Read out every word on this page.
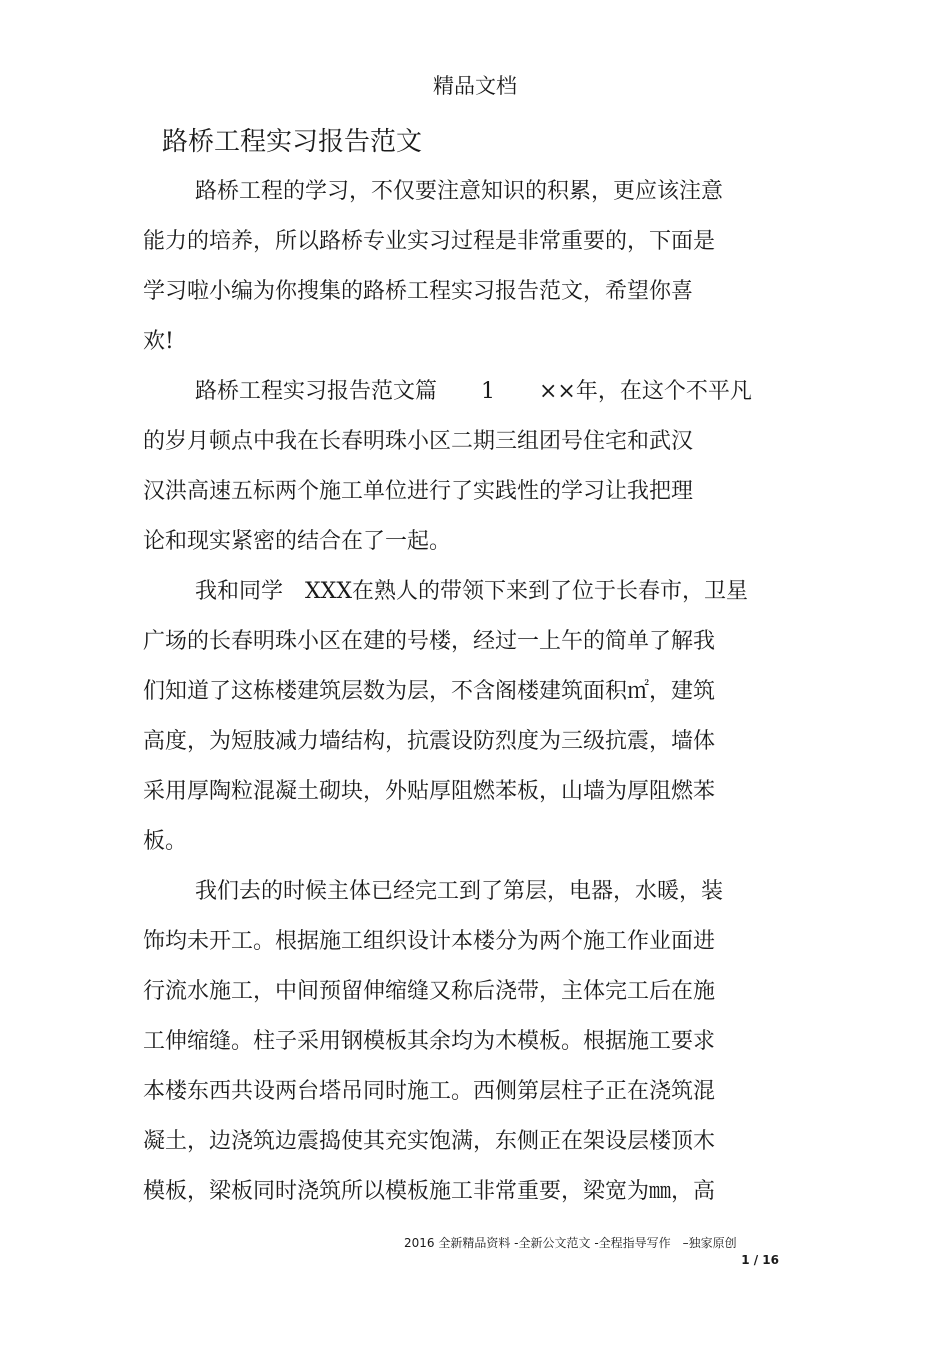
精品文档
路桥工程实习报告范文
路桥工程的学习，不仅要注意知识的积累，更应该注意
能力的培养，所以路桥专业实习过程是非常重要的，下面是
学习啦小编为你搜集的路桥工程实习报告范文，希望你喜
欢!
路桥工程实习报告范文篇　　1　　××年，在这个不平凡
的岁月顿点中我在长春明珠小区二期三组团号住宅和武汉
汉洪高速五标两个施工单位进行了实践性的学习让我把理
论和现实紧密的结合在了一起。
我和同学　XXX在熟人的带领下来到了位于长春市，卫星
广场的长春明珠小区在建的号楼，经过一上午的简单了解我
们知道了这栋楼建筑层数为层，不含阁楼建筑面积㎡，建筑
高度，为短肢减力墙结构，抗震设防烈度为三级抗震，墙体
采用厚陶粒混凝土砌块，外贴厚阻燃苯板，山墙为厚阻燃苯
板。
我们去的时候主体已经完工到了第层，电器，水暖，装
饰均未开工。根据施工组织设计本楼分为两个施工作业面进
行流水施工，中间预留伸缩缝又称后浇带，主体完工后在施
工伸缩缝。柱子采用钢模板其余均为木模板。根据施工要求
本楼东西共设两台塔吊同时施工。西侧第层柱子正在浇筑混
凝土，边浇筑边震捣使其充实饱满，东侧正在架设层楼顶木
模板，梁板同时浇筑所以模板施工非常重要，梁宽为㎜，高
2016 全新精品资料 -全新公文范文 -全程指导写作　–独家原创
1 / 16
